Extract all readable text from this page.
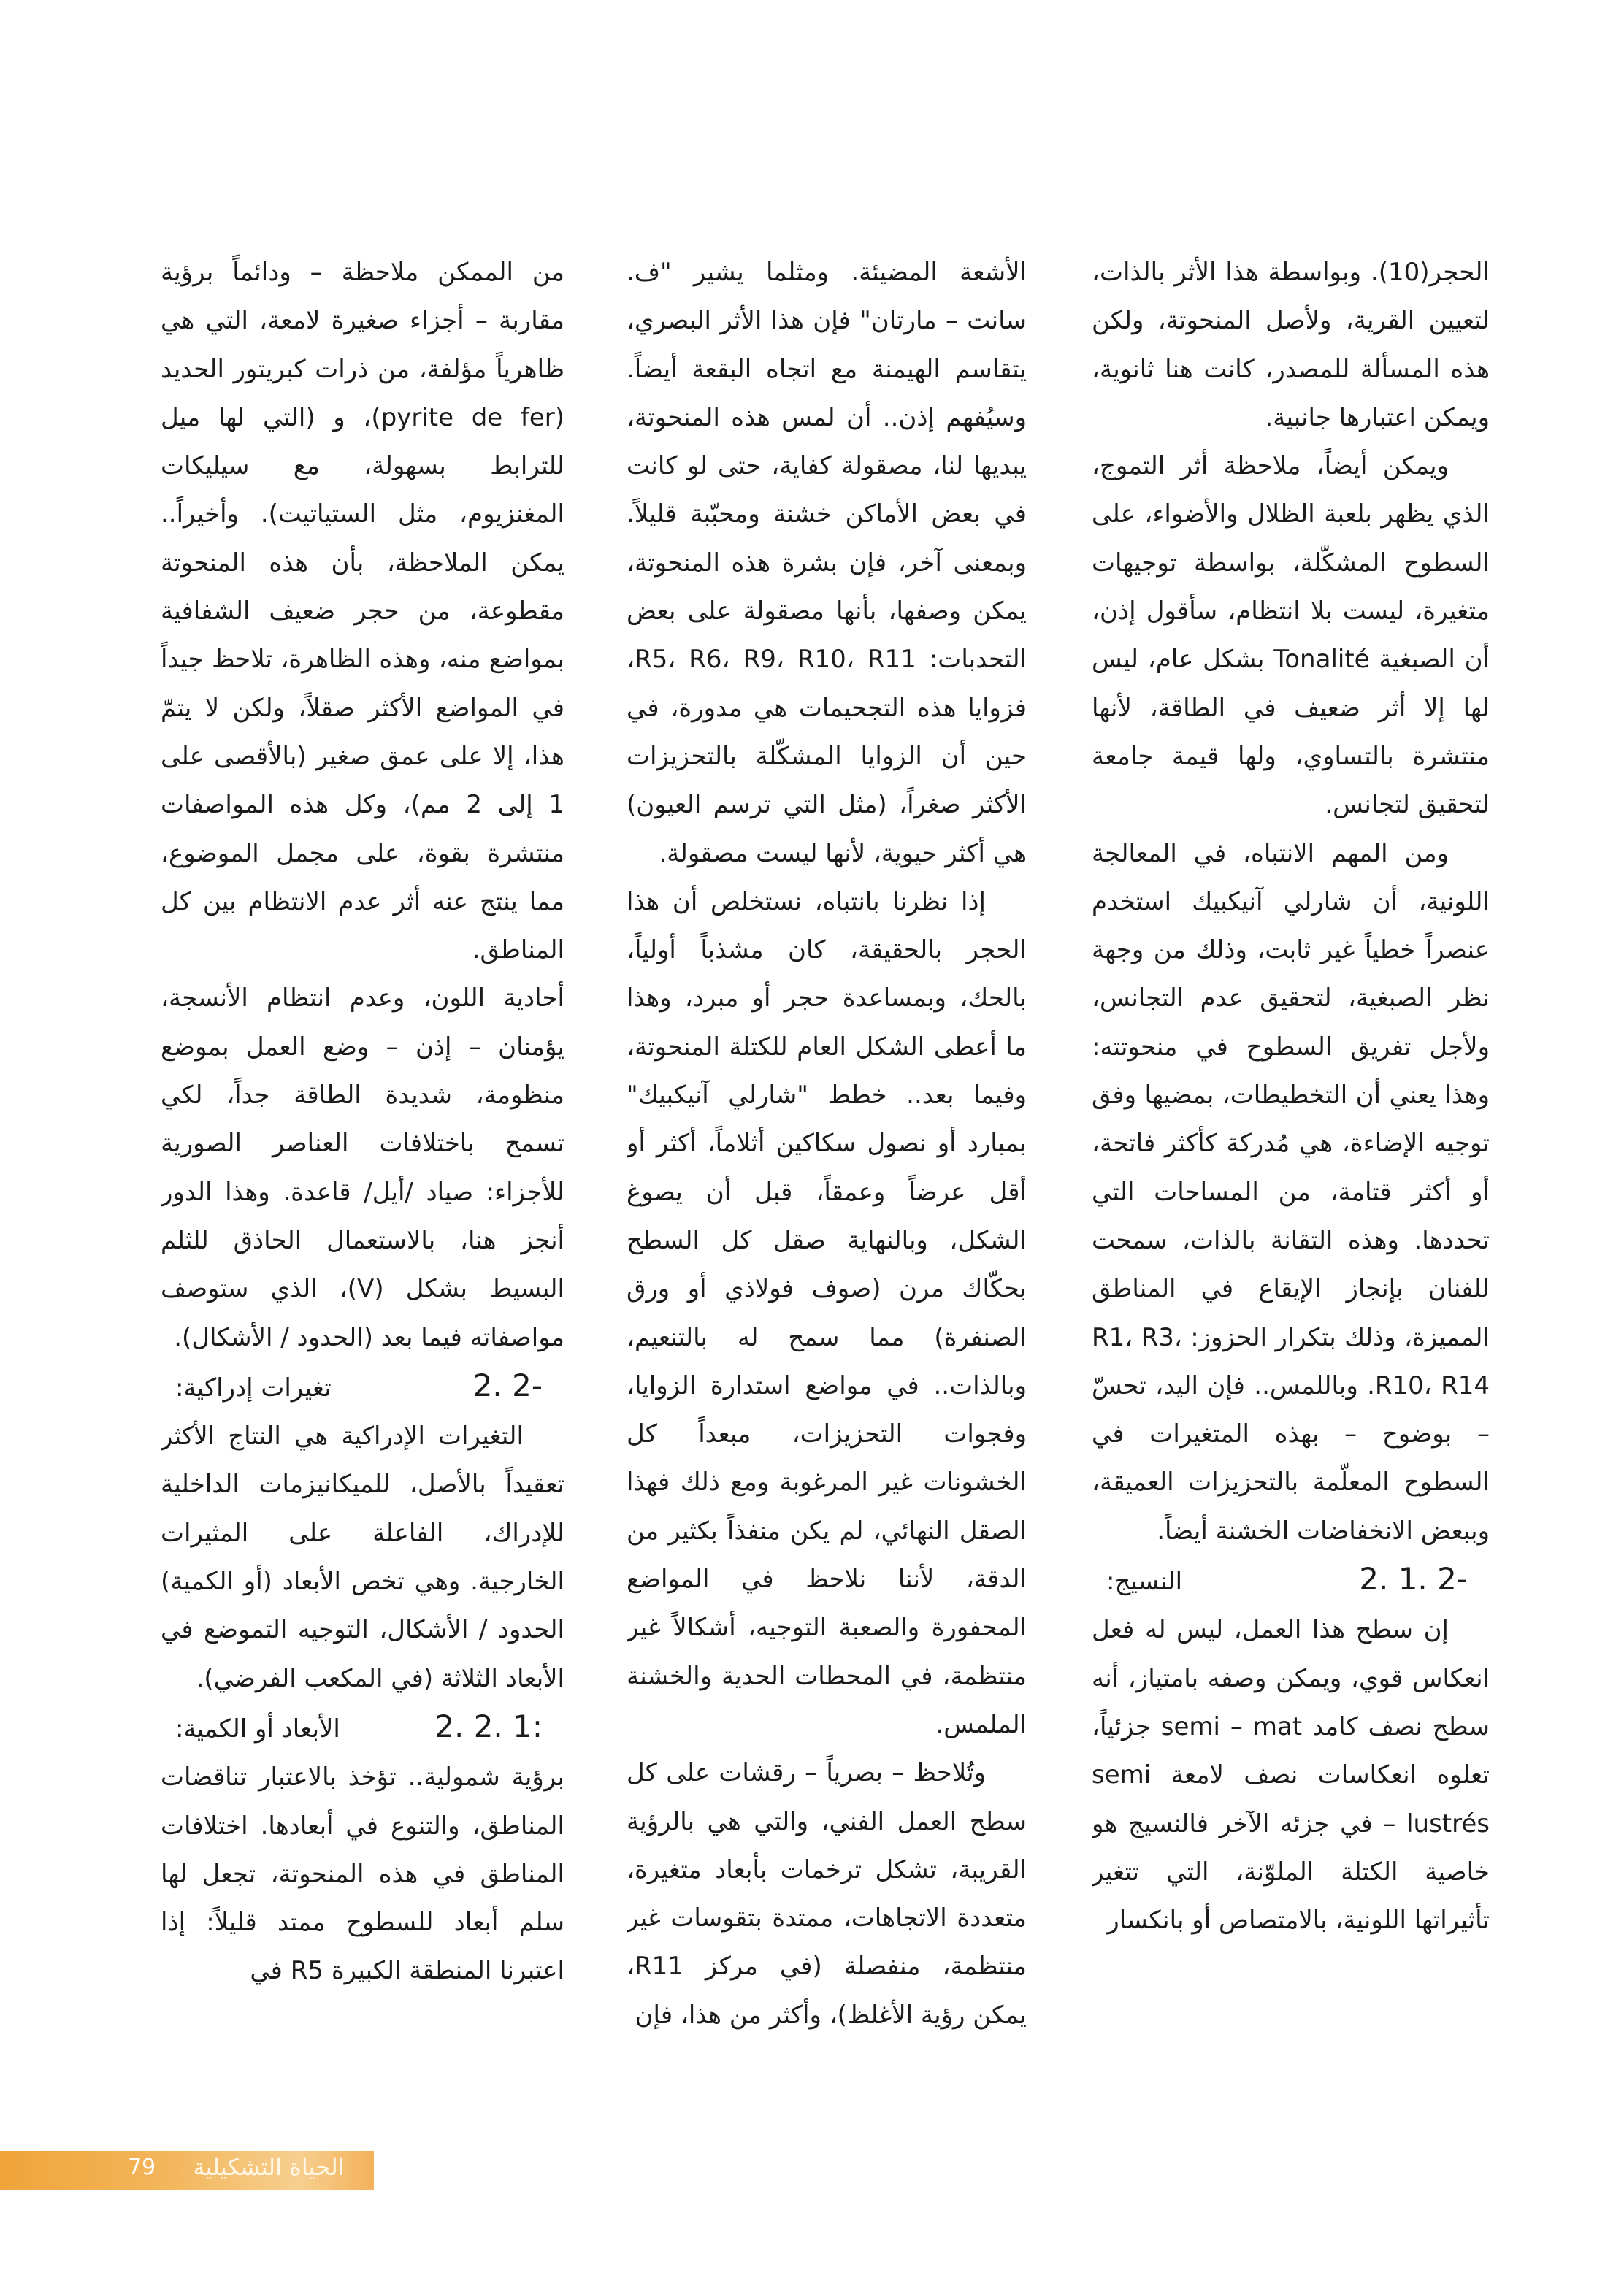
الحجر(10). وبواسطة هذا الأثر بالذات، لتعيين القرية، ولأصل المنحوتة، ولكن هذه المسألة للمصدر، كانت هنا ثانوية، ويمكن اعتبارها جانبية.

ويمكن أيضاً، ملاحظة أثر التموج، الذي يظهر بلعبة الظلال والأضواء، على السطوح المشكّلة، بواسطة توجيهات متغيرة، ليست بلا انتظام، سأقول إذن، أن الصبغية Tonalité بشكل عام، ليس لها إلا أثر ضعيف في الطاقة، لأنها منتشرة بالتساوي، ولها قيمة جامعة لتحقيق لتجانس.

ومن المهم الانتباه، في المعالجة اللونية، أن شارلي آنيكبيك استخدم عنصراً خطياً غير ثابت، وذلك من وجهة نظر الصبغية، لتحقيق عدم التجانس، ولأجل تفريق السطوح في منحوتته: وهذا يعني أن التخطيطات، بمضيها وفق توجيه الإضاءة، هي مُدركة كأكثر فاتحة، أو أكثر قتامة، من المساحات التي تحددها. وهذه التقانة بالذات، سمحت للفنان بإنجاز الإيقاع في المناطق المميزة، وذلك بتكرار الحزوز: R1، R3، R10، R14. وباللمس.. فإن اليد، تحسّ – بوضوح – بهذه المتغيرات في السطوح المعلّمة بالتحزيزات العميقة، وببعض الانخفاضات الخشنة أيضاً.

2. 1. 2-
النسيج:

إن سطح هذا العمل، ليس له فعل انعكاس قوي، ويمكن وصفه بامتياز، أنه سطح نصف كامد semi – mat جزئياً، تعلوه انعكاسات نصف لامعة semi lustrés – في جزئه الآخر فالنسيج هو خاصية الكتلة الملوّنة، التي تتغير تأثيراتها اللونية، بالامتصاص أو بانكسار

الأشعة المضيئة. ومثلما يشير "ف. سانت – مارتان" فإن هذا الأثر البصري، يتقاسم الهيمنة مع اتجاه البقعة أيضاً. وسيُفهم إذن.. أن لمس هذه المنحوتة، يبديها لنا، مصقولة كفاية، حتى لو كانت في بعض الأماكن خشنة ومحبّبة قليلاً. وبمعنى آخر، فإن بشرة هذه المنحوتة، يمكن وصفها، بأنها مصقولة على بعض التحدبات: R5، R6، R9، R10، R11، فزوايا هذه التجحيمات هي مدورة، في حين أن الزوايا المشكّلة بالتحزيزات الأكثر صغراً، (مثل التي ترسم العيون) هي أكثر حيوية، لأنها ليست مصقولة.

إذا نظرنا بانتباه، نستخلص أن هذا الحجر بالحقيقة، كان مشذباً أولياً، بالحك، وبمساعدة حجر أو مبرد، وهذا ما أعطى الشكل العام للكتلة المنحوتة، وفيما بعد.. خطط "شارلي آنيكبيك" بمبارد أو نصول سكاكين أثلاماً، أكثر أو أقل عرضاً وعمقاً، قبل أن يصوغ الشكل، وبالنهاية صقل كل السطح بحكّاك مرن (صوف فولاذي أو ورق الصنفرة) مما سمح له بالتنعيم، وبالذات.. في مواضع استدارة الزوايا، وفجوات التحزيزات، مبعداً كل الخشونات غير المرغوبة ومع ذلك فهذا الصقل النهائي، لم يكن منفذاً بكثير من الدقة، لأننا نلاحظ في المواضع المحفورة والصعبة التوجيه، أشكالاً غير منتظمة، في المحطات الحدية والخشنة الملمس.

وتُلاحظ – بصرياً – رقشات على كل سطح العمل الفني، والتي هي بالرؤية القريبة، تشكل ترخمات بأبعاد متغيرة، متعددة الاتجاهات، ممتدة بتقوسات غير منتظمة، منفصلة (في مركز R11، يمكن رؤية الأغلظ)، وأكثر من هذا، فإن

من الممكن ملاحظة – ودائماً برؤية مقاربة – أجزاء صغيرة لامعة، التي هي ظاهرياً مؤلفة، من ذرات كبريتور الحديد (pyrite de fer)، و (التي لها ميل للترابط بسهولة، مع سيليكات المغنزيوم، مثل الستياتيت). وأخيراً.. يمكن الملاحظة، بأن هذه المنحوتة مقطوعة، من حجر ضعيف الشفافية بمواضع منه، وهذه الظاهرة، تلاحظ جيداً في المواضع الأكثر صقلاً، ولكن لا يتمّ هذا، إلا على عمق صغير (بالأقصى على 1 إلى 2 مم)، وكل هذه المواصفات منتشرة بقوة، على مجمل الموضوع، مما ينتج عنه أثر عدم الانتظام بين كل المناطق.

أحادية اللون، وعدم انتظام الأنسجة، يؤمنان – إذن – وضع العمل بموضع منظومة، شديدة الطاقة جداً، لكي تسمح باختلافات العناصر الصورية للأجزاء: صياد /أيل/ قاعدة. وهذا الدور أنجز هنا، بالاستعمال الحاذق للثلم البسيط بشكل (V)، الذي ستوصف مواصفاته فيما بعد (الحدود / الأشكال).

2. 2-
تغيرات إدراكية:

التغيرات الإدراكية هي النتاج الأكثر تعقيداً بالأصل، للميكانيزمات الداخلية للإدراك، الفاعلة على المثيرات الخارجية. وهي تخص الأبعاد (أو الكمية) الحدود / الأشكال، التوجيه التموضع في الأبعاد الثلاثة (في المكعب الفرضي).

2. 2. 1:
الأبعاد أو الكمية:

برؤية شمولية.. تؤخذ بالاعتبار تناقضات المناطق، والتنوع في أبعادها. اختلافات المناطق في هذه المنحوتة، تجعل لها سلم أبعاد للسطوح ممتد قليلاً: إذا اعتبرنا المنطقة الكبيرة R5 في

79	الحياة التشكيلية
